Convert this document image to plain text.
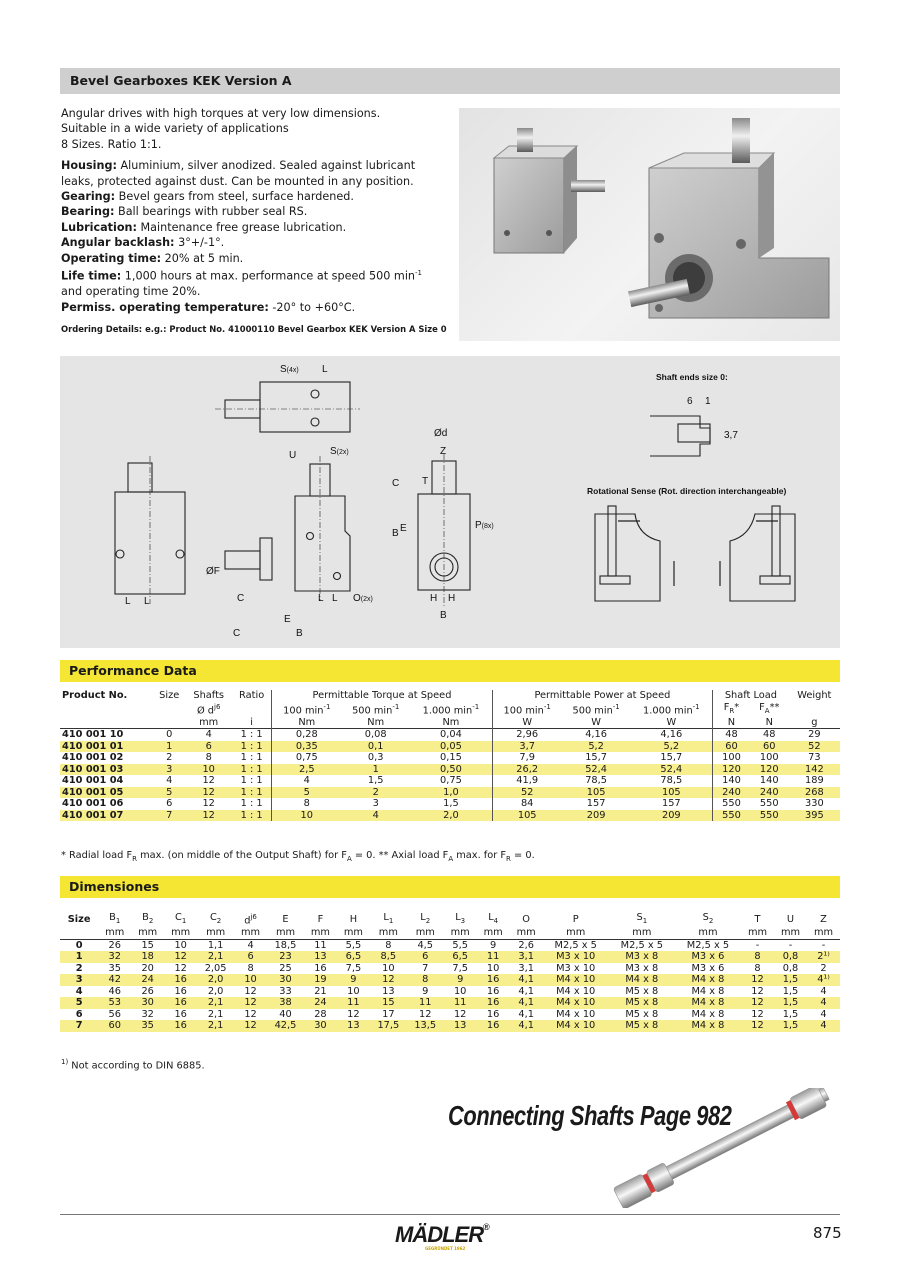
Bevel Gearboxes KEK Version A

Angular drives with high torques at very low dimensions.

Suitable in a wide variety of applications

8 Sizes. Ratio 1:1.

Housing: Aluminium, silver anodized. Sealed against lubricant leaks, protected against dust. Can be mounted in any position.

Gearing: Bevel gears from steel, surface hardened.

Bearing: Ball bearings with rubber seal RS.

Lubrication: Maintenance free grease lubrication.

Angular backlash: 3°+/-1°.

Operating time: 20% at 5 min.

Life time: 1,000 hours at max. performance at speed 500 $\min^{-1}$
and operating time 20%.

Permiss. operating temperature: -20° to +60°C.

Ordering Details: e.g.: Product No. 41000110 Bevel Gearbox KEK Version A Size 0
S(4x) L
U	S(2x)
Ød
Z
P(8x)
O(2x)
ØF
C
E
C	B
L L
L L	H H
B
B E
C T
Shaft ends size 0:
6 1
3,7
Rotational Sense (Rot. direction interchangeable)
Performance Data
Product No.	Size	Shafts	Ratio	Permittable Torque at Speed			Permittable Power at Speed			Shaft Load		Weight
		Ø $d^{j6}$		100 $\min^{-1}$	500 $\min^{-1}$	1.000 $\min^{-1}$	100 $\min^{-1}$	500 $\min^{-1}$	1.000 $\min^{-1}$	$F_R*$	$F_A**$	
		mm	i	Nm	Nm	Nm	W	W	W	N	N	g
410 001 10	0	4	1 : 1	0,28	0,08	0,04	2,96	4,16	4,16	48	48	29
410 001 01	1	6	1 : 1	0,35	0,1	0,05	3,7	5,2	5,2	60	60	52
410 001 02	2	8	1 : 1	0,75	0,3	0,15	7,9	15,7	15,7	100	100	73
410 001 03	3	10	1 : 1	2,5	1	0,50	26,2	52,4	52,4	120	120	142
410 001 04	4	12	1 : 1	4	1,5	0,75	41,9	78,5	78,5	140	140	189
410 001 05	5	12	1 : 1	5	2	1,0	52	105	105	240	240	268
410 001 06	6	12	1 : 1	8	3	1,5	84	157	157	550	550	330
410 001 07	7	12	1 : 1	10	4	2,0	105	209	209	550	550	395
* Radial load $F_R$ max. (on middle of the Output Shaft) for $F_A = 0$. ** Axial load $F_A$ max. for $F_R = 0$.
Dimensiones
Size	$B_1$	$B_2$	$C_1$	$C_2$	$d^{j6}$	E	F	H	$L_1$	$L_2$	$L_3$	$L_4$	O	P	$S_1$	$S_2$	T	U	Z
	mm	mm	mm	mm	mm	mm	mm	mm	mm	mm	mm	mm	mm	mm	mm	mm	mm	mm	mm
0	26	15	10	1,1	4	18,5	11	5,5	8	4,5	5,5	9	2,6	M2,5 x 5	M2,5 x 5	M2,5 x 5	-	-	-
1	32	18	12	2,1	6	23	13	6,5	8,5	6	6,5	11	3,1	M3 x 10	M3 x 8	M3 x 6	8	0,8	2¹⁾
2	35	20	12	2,05	8	25	16	7,5	10	7	7,5	10	3,1	M3 x 10	M3 x 8	M3 x 6	8	0,8	2
3	42	24	16	2,0	10	30	19	9	12	8	9	16	4,1	M4 x 10	M4 x 8	M4 x 8	12	1,5	4¹⁾
4	46	26	16	2,0	12	33	21	10	13	9	10	16	4,1	M4 x 10	M5 x 8	M4 x 8	12	1,5	4
5	53	30	16	2,1	12	38	24	11	15	11	11	16	4,1	M4 x 10	M5 x 8	M4 x 8	12	1,5	4
6	56	32	16	2,1	12	40	28	12	17	12	12	16	4,1	M4 x 10	M5 x 8	M4 x 8	12	1,5	4
7	60	35	16	2,1	12	42,5	30	13	17,5	13,5	13	16	4,1	M4 x 10	M5 x 8	M4 x 8	12	1,5	4
$^{1)}$ Not according to DIN 6885.
Connecting Shafts Page 982
MÄDLER®
GEGRÜNDET 1962
875
